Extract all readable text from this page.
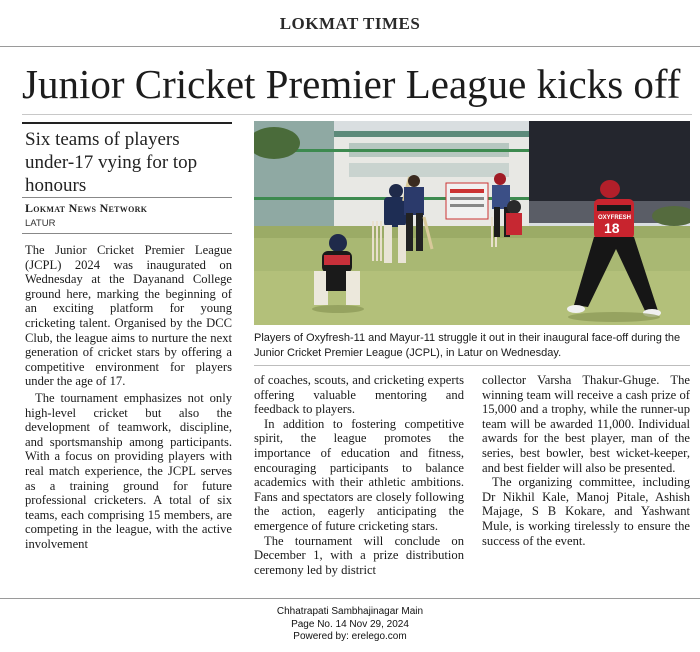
LOKMAT TIMES
Junior Cricket Premier League kicks off
Six teams of players under-17 vying for top honours
Lokmat News Network
LATUR	18
OXYFRESH
Players of Oxyfresh-11 and Mayur-11 struggle it out in their inaugural face-off during the Junior Cricket Premier League (JCPL), in Latur on Wednesday.

The Junior Cricket Premier League (JCPL) 2024 was inaugurated on Wednesday at the Dayanand College ground here, marking the beginning of an exciting platform for young cricketing talent. Organised by the DCC Club, the league aims to nurture the next generation of cricket stars by offering a competitive environment for players under the age of 17.

The tournament emphasizes not only high-level cricket but also the development of teamwork, discipline, and sportsmanship among participants. With a focus on providing players with real match experience, the JCPL serves as a training ground for future professional cricketers. A total of six teams, each comprising 15 members, are competing in the league, with the active involvement

of coaches, scouts, and cricketing experts offering valuable mentoring and feedback to players.

In addition to fostering competitive spirit, the league promotes the importance of education and fitness, encouraging participants to balance academics with their athletic ambitions. Fans and spectators are closely following the action, eagerly anticipating the emergence of future cricketing stars.

The tournament will conclude on December 1, with a prize distribution ceremony led by district

collector Varsha Thakur-Ghuge. The winning team will receive a cash prize of 15,000 and a trophy, while the runner-up team will be awarded 11,000. Individual awards for the best player, man of the series, best bowler, best wicket-keeper, and best fielder will also be presented.

The organizing committee, including Dr Nikhil Kale, Manoj Pitale, Ashish Majage, S B Kokare, and Yashwant Mule, is working tirelessly to ensure the success of the event.

Chhatrapati Sambhajinagar Main
Page No. 14 Nov 29, 2024
Powered by: erelego.com
